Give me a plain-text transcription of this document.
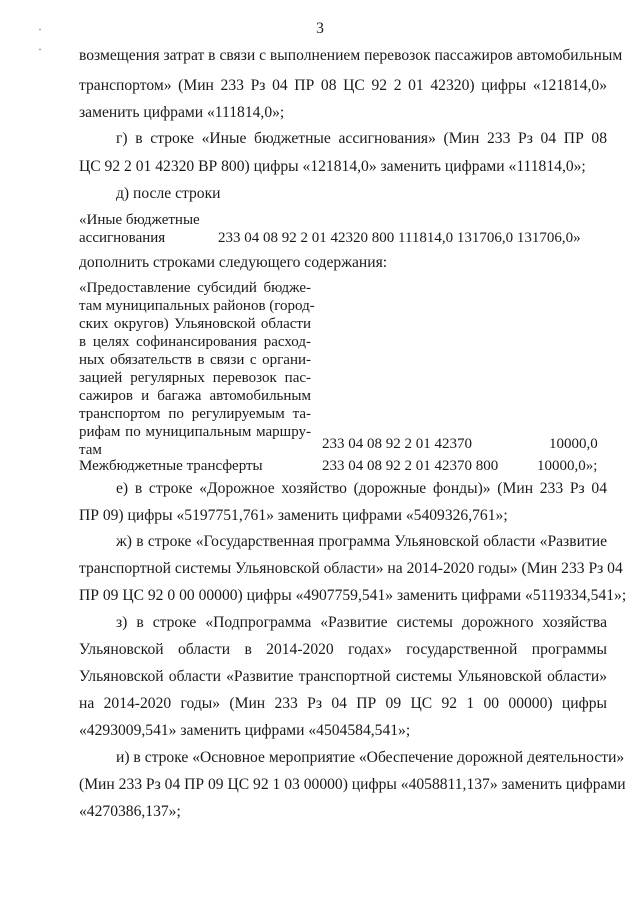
3
·
· возмещения затрат в связи с выполнением перевозок пассажиров автомобильным
транспортом» (Мин 233 Рз 04 ПР 08 ЦС 92 2 01 42320) цифры «121814,0»
заменить цифрами «111814,0»;
г) в строке «Иные бюджетные ассигнования» (Мин 233 Рз 04 ПР 08
ЦС 92 2 01 42320 ВР 800) цифры «121814,0» заменить цифрами «111814,0»;
д) после строки
«Иные бюджетные
ассигнования	233 04 08 92 2 01 42320 800 111814,0 131706,0 131706,0»
дополнить строками следующего содержания:
«Предоставление субсидий бюдже-
там муниципальных районов (город-
ских округов) Ульяновской области
в целях софинансирования расход-
ных обязательств в связи с органи-
зацией регулярных перевозок пас-
сажиров и багажа автомобильным
транспортом по регулируемым та-
рифам по муниципальным маршру-
там	233 04 08 92 2 01 42370	10000,0
Межбюджетные трансферты	233 04 08 92 2 01 42370 800	10000,0»;
е) в строке «Дорожное хозяйство (дорожные фонды)» (Мин 233 Рз 04
ПР 09) цифры «5197751,761» заменить цифрами «5409326,761»;
ж) в строке «Государственная программа Ульяновской области «Развитие
транспортной системы Ульяновской области» на 2014-2020 годы» (Мин 233 Рз 04
ПР 09 ЦС 92 0 00 00000) цифры «4907759,541» заменить цифрами «5119334,541»;
з) в строке «Подпрограмма «Развитие системы дорожного хозяйства
Ульяновской области в 2014-2020 годах» государственной программы
Ульяновской области «Развитие транспортной системы Ульяновской области»
на 2014-2020 годы» (Мин 233 Рз 04 ПР 09 ЦС 92 1 00 00000) цифры
«4293009,541» заменить цифрами «4504584,541»;
и) в строке «Основное мероприятие «Обеспечение дорожной деятельности»
(Мин 233 Рз 04 ПР 09 ЦС 92 1 03 00000) цифры «4058811,137» заменить цифрами
«4270386,137»;
